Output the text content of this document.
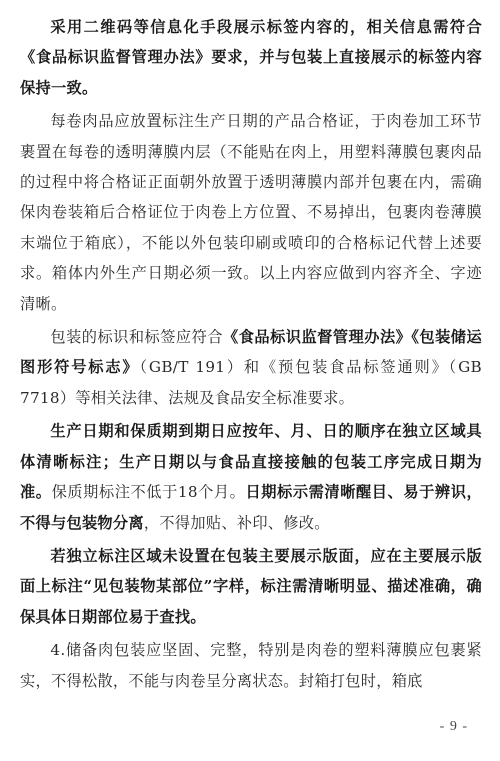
采用二维码等信息化手段展示标签内容的，相关信息需符合《食品标识监督管理办法》要求，并与包装上直接展示的标签内容保持一致。

每卷肉品应放置标注生产日期的产品合格证，于肉卷加工环节裹置在每卷的透明薄膜内层（不能贴在肉上，用塑料薄膜包裹肉品的过程中将合格证正面朝外放置于透明薄膜内部并包裹在内，需确保肉卷装箱后合格证位于肉卷上方位置、不易掉出，包裹肉卷薄膜末端位于箱底），不能以外包装印刷或喷印的合格标记代替上述要求。箱体内外生产日期必须一致。以上内容应做到内容齐全、字迹清晰。

包装的标识和标签应符合《食品标识监督管理办法》《包装储运图形符号标志》（GB/T 191）和《预包装食品标签通则》（GB 7718）等相关法律、法规及食品安全标准要求。

生产日期和保质期到期日应按年、月、日的顺序在独立区域具体清晰标注；生产日期以与食品直接接触的包装工序完成日期为准。保质期标注不低于18个月。日期标示需清晰醒目、易于辨识，不得与包装物分离，不得加贴、补印、修改。

若独立标注区域未设置在包装主要展示版面，应在主要展示版面上标注“见包装物某部位”字样，标注需清晰明显、描述准确，确保具体日期部位易于查找。

4.储备肉包装应坚固、完整，特别是肉卷的塑料薄膜应包裹紧实，不得松散，不能与肉卷呈分离状态。封箱打包时，箱底

- 9 -
